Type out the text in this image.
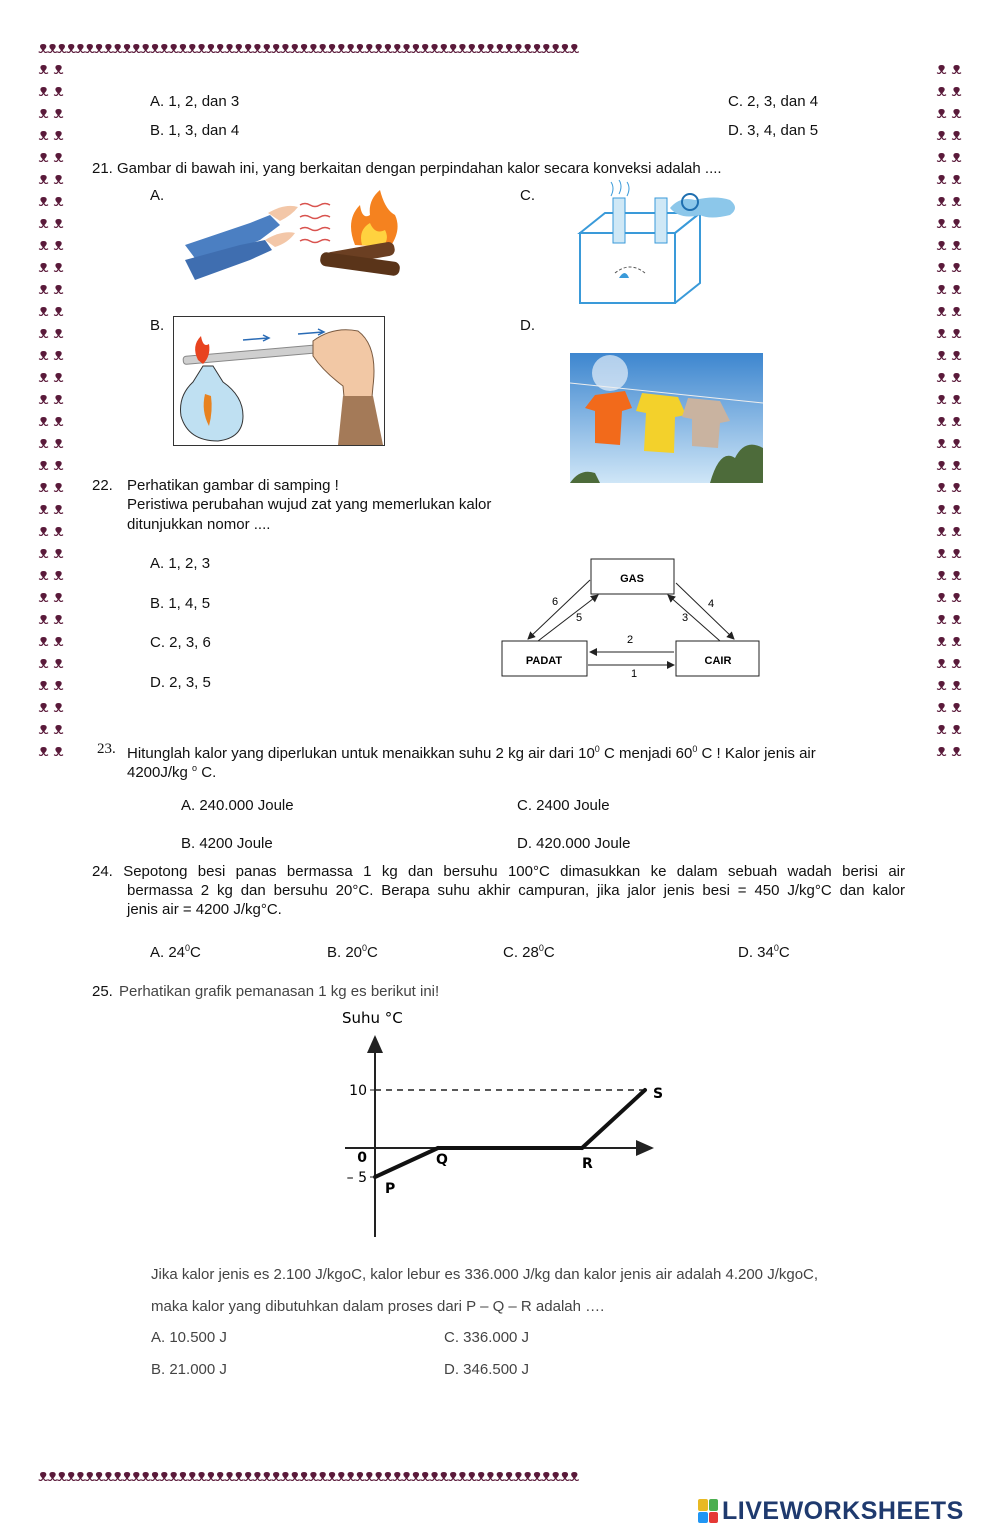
ᴥᴥᴥᴥᴥᴥᴥᴥᴥᴥᴥᴥᴥᴥᴥᴥᴥᴥᴥᴥᴥᴥᴥᴥᴥᴥᴥᴥᴥᴥᴥᴥᴥᴥᴥᴥᴥᴥᴥᴥᴥᴥᴥᴥᴥᴥᴥᴥᴥᴥᴥᴥᴥᴥᴥᴥᴥᴥ
ᴥᴥᴥᴥᴥᴥᴥᴥᴥᴥᴥᴥᴥᴥᴥᴥᴥᴥᴥᴥᴥᴥᴥᴥᴥᴥᴥᴥᴥᴥᴥᴥᴥᴥᴥᴥᴥᴥᴥᴥᴥᴥᴥᴥᴥᴥᴥᴥᴥᴥᴥᴥᴥᴥᴥᴥᴥᴥ
ᴥ ᴥ ᴥ ᴥ ᴥ ᴥ ᴥ ᴥ ᴥ ᴥ ᴥ ᴥ ᴥ ᴥ ᴥ ᴥ ᴥ ᴥ ᴥ ᴥ ᴥ ᴥ ᴥ ᴥ ᴥ ᴥ ᴥ ᴥ ᴥ ᴥ ᴥ ᴥ ᴥ ᴥ ᴥ ᴥ ᴥ ᴥ ᴥ ᴥ ᴥ ᴥ ᴥ ᴥ ᴥ ᴥ ᴥ ᴥ ᴥ ᴥ ᴥ ᴥ ᴥ ᴥ ᴥ ᴥ ᴥ ᴥ ᴥ ᴥ ᴥ ᴥ ᴥ ᴥ
ᴥ ᴥ ᴥ ᴥ ᴥ ᴥ ᴥ ᴥ ᴥ ᴥ ᴥ ᴥ ᴥ ᴥ ᴥ ᴥ ᴥ ᴥ ᴥ ᴥ ᴥ ᴥ ᴥ ᴥ ᴥ ᴥ ᴥ ᴥ ᴥ ᴥ ᴥ ᴥ ᴥ ᴥ ᴥ ᴥ ᴥ ᴥ ᴥ ᴥ ᴥ ᴥ ᴥ ᴥ ᴥ ᴥ ᴥ ᴥ ᴥ ᴥ ᴥ ᴥ ᴥ ᴥ ᴥ ᴥ ᴥ ᴥ ᴥ ᴥ ᴥ ᴥ ᴥ ᴥ
A. 1, 2, dan 3
B. 1, 3, dan 4
C. 2, 3, dan 4
D. 3, 4, dan 5
21. Gambar di bawah ini, yang berkaitan dengan perpindahan kalor secara konveksi adalah ....
A.	C.
B.	D.
22. Perhatikan gambar di samping !
Peristiwa perubahan wujud zat yang memerlukan kalor
ditunjukkan nomor ....
A. 1, 2, 3
B. 1, 4, 5
C. 2, 3, 6
D. 2, 3, 5
GAS
PADAT	CAIR
6
5	3
4
2
1
23. Hitunglah kalor yang diperlukan untuk menaikkan suhu 2 kg air dari $10^0$ C menjadi $60^0$ C ! Kalor jenis air
4200J/kg $^o$ C.
A. 240.000 Joule
B. 4200 Joule
C. 2400 Joule
D. 420.000 Joule
24. Sepotong besi panas bermassa 1 kg dan bersuhu 100°C dimasukkan ke dalam sebuah wadah berisi air
bermassa 2 kg dan bersuhu 20°C. Berapa suhu akhir campuran, jika jalor jenis besi = 450 J/kg°C dan kalor
jenis air = 4200 J/kg°C.
A. $24^0C$	B. $20^0C$	C. $28^0C$	D. $34^0C$
25. Perhatikan grafik pemanasan 1 kg es berikut ini!
Suhu °C
P
Q	R
S
10
0
– 5
Jika kalor jenis es 2.100 J/kgoC, kalor lebur es 336.000 J/kg dan kalor jenis air adalah 4.200 J/kgoC,
maka kalor yang dibutuhkan dalam proses dari P – Q – R adalah ….
A. 10.500 J
B. 21.000 J
C. 336.000 J
D. 346.500 J
LIVEWORKSHEETS
